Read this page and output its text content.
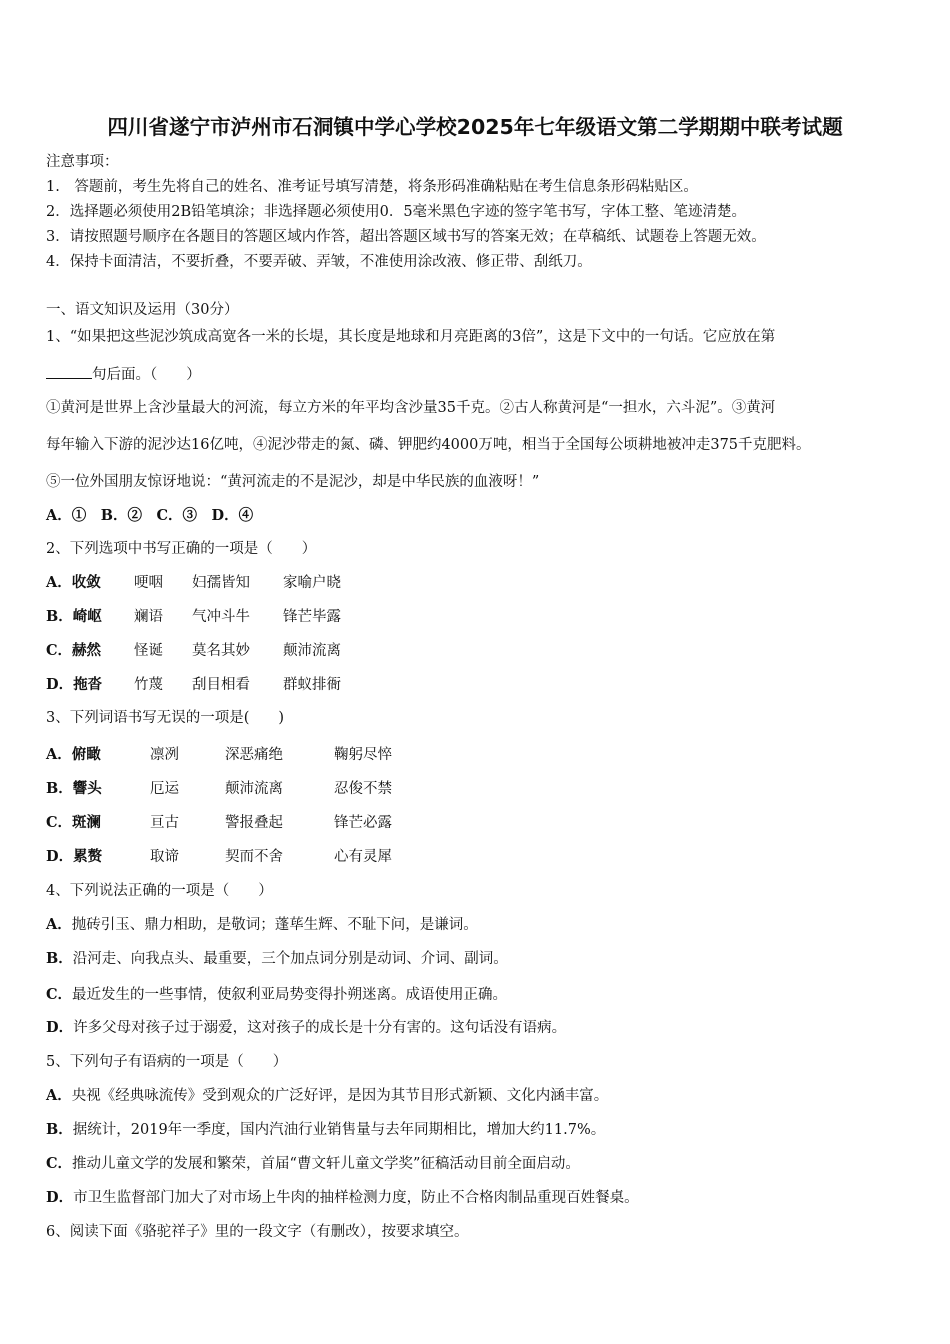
四川省遂宁市泸州市石洞镇中学心学校2025年七年级语文第二学期期中联考试题
注意事项：
1.　答题前，考生先将自己的姓名、准考证号填写清楚，将条形码准确粘贴在考生信息条形码粘贴区。
2．选择题必须使用2B铅笔填涂；非选择题必须使用0．5毫米黑色字迹的签字笔书写，字体工整、笔迹清楚。
3．请按照题号顺序在各题目的答题区域内作答，超出答题区域书写的答案无效；在草稿纸、试题卷上答题无效。
4．保持卡面清洁，不要折叠，不要弄破、弄皱，不准使用涂改液、修正带、刮纸刀。
一、语文知识及运用（30分）
1、“如果把这些泥沙筑成高宽各一米的长堤，其长度是地球和月亮距离的3倍”，这是下文中的一句话。它应放在第
句后面。（　　）
①黄河是世界上含沙量最大的河流，每立方米的年平均含沙量35千克。②古人称黄河是“一担水，六斗泥”。③黄河
每年输入下游的泥沙达16亿吨，④泥沙带走的氮、磷、钾肥约4000万吨，相当于全国每公顷耕地被冲走375千克肥料。
⑤一位外国朋友惊讶地说：“黄河流走的不是泥沙，却是中华民族的血液呀！”
A．①　B．②　C．③　D．④
2、下列选项中书写正确的一项是（　　）
A．收敛 哽咽 妇孺皆知 家喻户晓
B．崎岖 斓语 气冲斗牛 锋芒毕露
C．赫然 怪诞 莫名其妙 颠沛流离
D．拖沓 竹蔑 刮目相看 群蚁排衙
3、下列词语书写无误的一项是(　　)
A．俯瞰	凛冽	深恶痛绝	鞠躬尽悴
B．響头	厄运	颠沛流离	忍俊不禁
C．斑澜	亘古	警报叠起	锋芒必露
D．累赘	取谛	契而不舍	心有灵犀
4、下列说法正确的一项是（　　）
A．抛砖引玉、鼎力相助，是敬词；蓬荜生辉、不耻下问，是谦词。
B．沿河走、向我点头、最重要，三个加点词分别是动词、介词、副词。
C．最近发生的一些事情，使叙利亚局势变得扑朔迷离。成语使用正确。
D．许多父母对孩子过于溺爱，这对孩子的成长是十分有害的。这句话没有语病。
5、下列句子有语病的一项是（　　）
A．央视《经典咏流传》受到观众的广泛好评，是因为其节目形式新颖、文化内涵丰富。
B．据统计，2019年一季度，国内汽油行业销售量与去年同期相比，增加大约11.7%。
C．推动儿童文学的发展和繁荣，首届“曹文轩儿童文学奖”征稿活动目前全面启动。
D．市卫生监督部门加大了对市场上牛肉的抽样检测力度，防止不合格肉制品重现百姓餐桌。
6、阅读下面《骆驼祥子》里的一段文字（有删改），按要求填空。
